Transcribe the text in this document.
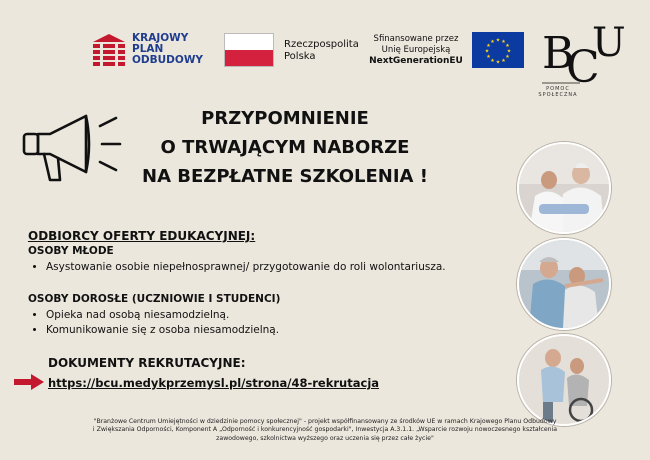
KRAJOWY
PLAN
ODBUDOWY
Rzeczpospolita
Polska
Sfinansowane przez
Unię Europejską
NextGenerationEU
★ ★
★
★
★
★
★
★
★
★
★
★ B
C
U
POMOC
SPOŁECZNA
PRZYPOMNIENIE
O TRWAJĄCYM NABORZE
NA BEZPŁATNE SZKOLENIA !
ODBIORCY OFERTY EDUKACYJNEJ:
OSOBY MŁODE
• Asystowanie osobie niepełnosprawnej/ przygotowanie do roli wolontariusza.
OSOBY DOROSŁE (UCZNIOWIE I STUDENCI)
• Opieka nad osobą niesamodzielną.
• Komunikowanie się z osoba niesamodzielną.
DOKUMENTY REKRUTACYJNE:
https://bcu.medykprzemysl.pl/strona/48-rekrutacja
"Branżowe Centrum Umiejętności w dziedzinie pomocy społecznej" - projekt współfinansowany ze środków UE w ramach Krajowego Planu Odbudowy
i Zwiększania Odporności, Komponent A „Odporność i konkurencyjność gospodarki", Inwestycja A.3.1.1. „Wsparcie rozwoju nowoczesnego kształcenia
zawodowego, szkolnictwa wyższego oraz uczenia się przez całe życie"
